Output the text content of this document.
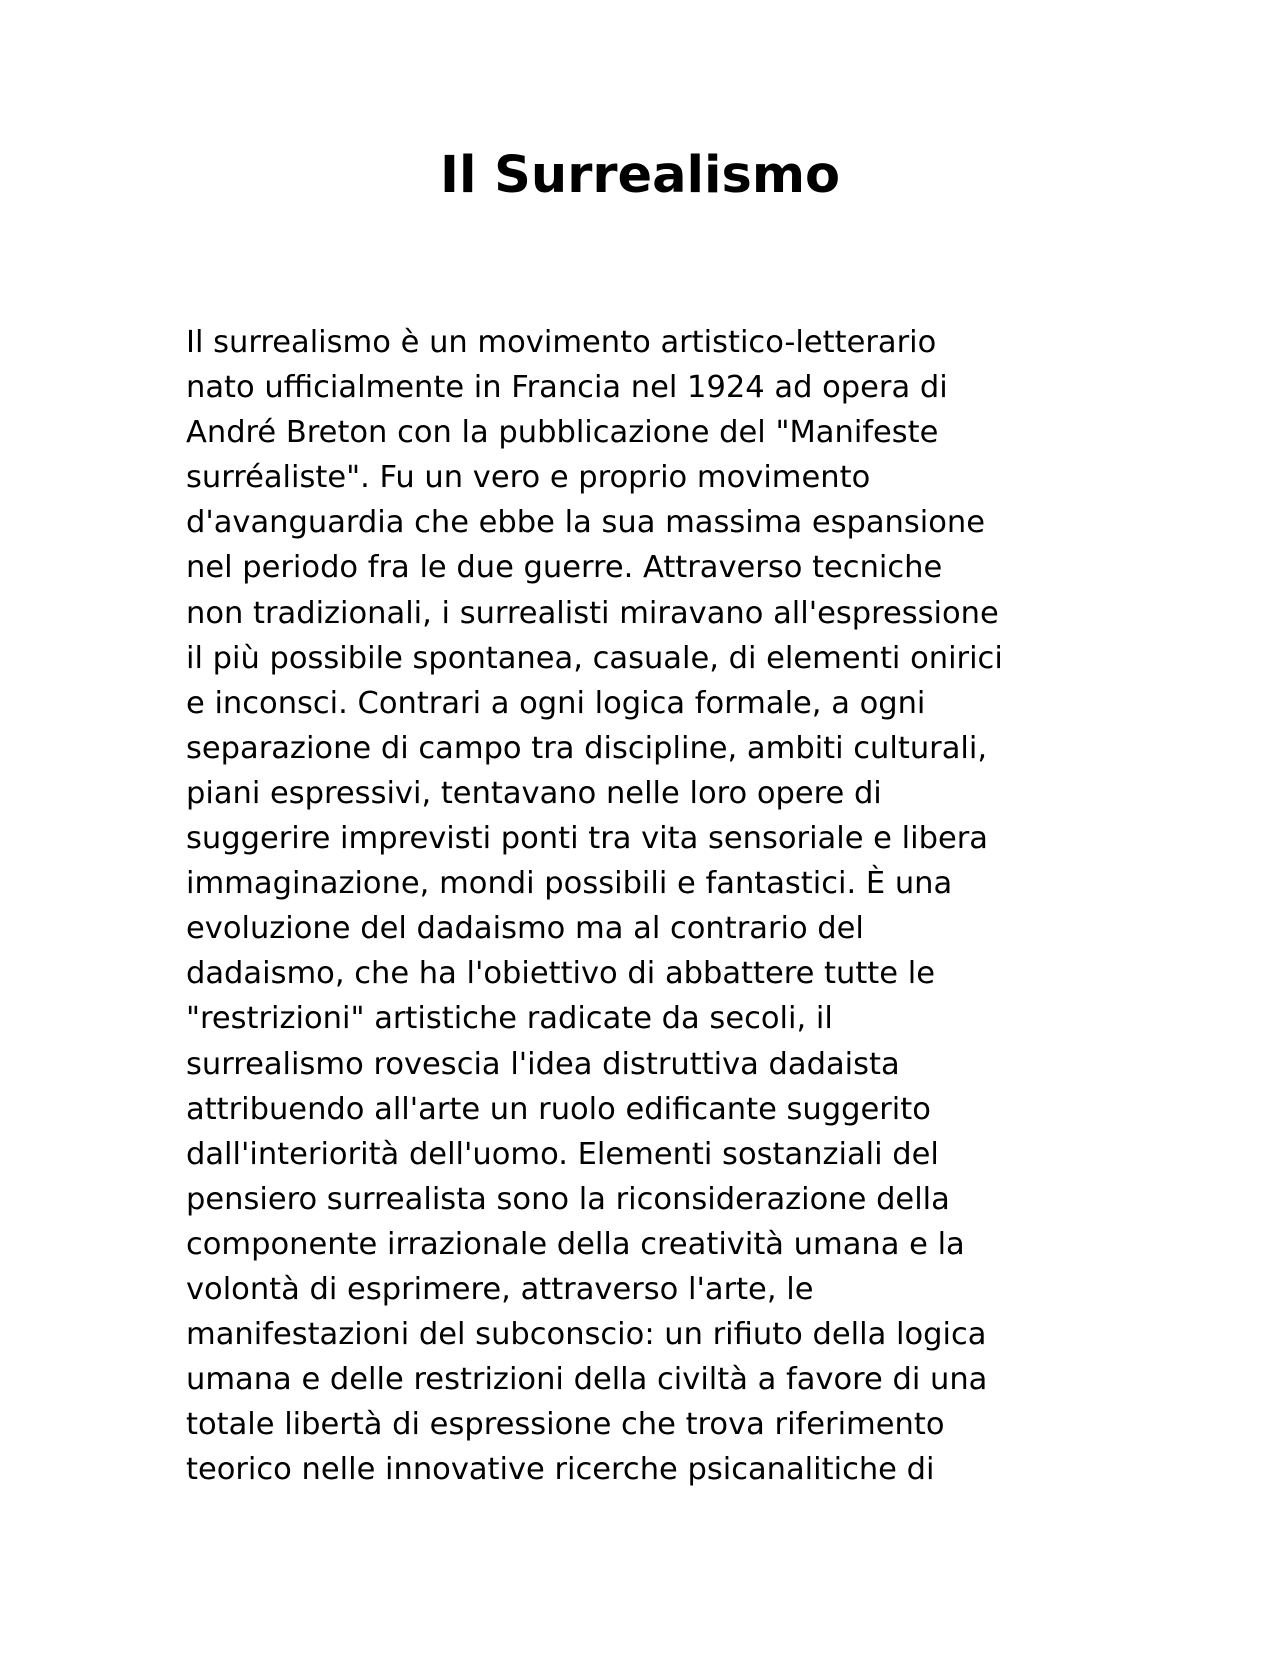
Il Surrealismo
Il surrealismo è un movimento artistico-letterario
nato ufficialmente in Francia nel 1924 ad opera di
André Breton con la pubblicazione del "Manifeste
surréaliste". Fu un vero e proprio movimento
d'avanguardia che ebbe la sua massima espansione
nel periodo fra le due guerre. Attraverso tecniche
non tradizionali, i surrealisti miravano all'espressione
il più possibile spontanea, casuale, di elementi onirici
e inconsci. Contrari a ogni logica formale, a ogni
separazione di campo tra discipline, ambiti culturali,
piani espressivi, tentavano nelle loro opere di
suggerire imprevisti ponti tra vita sensoriale e libera
immaginazione, mondi possibili e fantastici. È una
evoluzione del dadaismo ma al contrario del
dadaismo, che ha l'obiettivo di abbattere tutte le
"restrizioni" artistiche radicate da secoli, il
surrealismo rovescia l'idea distruttiva dadaista
attribuendo all'arte un ruolo edificante suggerito
dall'interiorità dell'uomo. Elementi sostanziali del
pensiero surrealista sono la riconsiderazione della
componente irrazionale della creatività umana e la
volontà di esprimere, attraverso l'arte, le
manifestazioni del subconscio: un rifiuto della logica
umana e delle restrizioni della civiltà a favore di una
totale libertà di espressione che trova riferimento
teorico nelle innovative ricerche psicanalitiche di
